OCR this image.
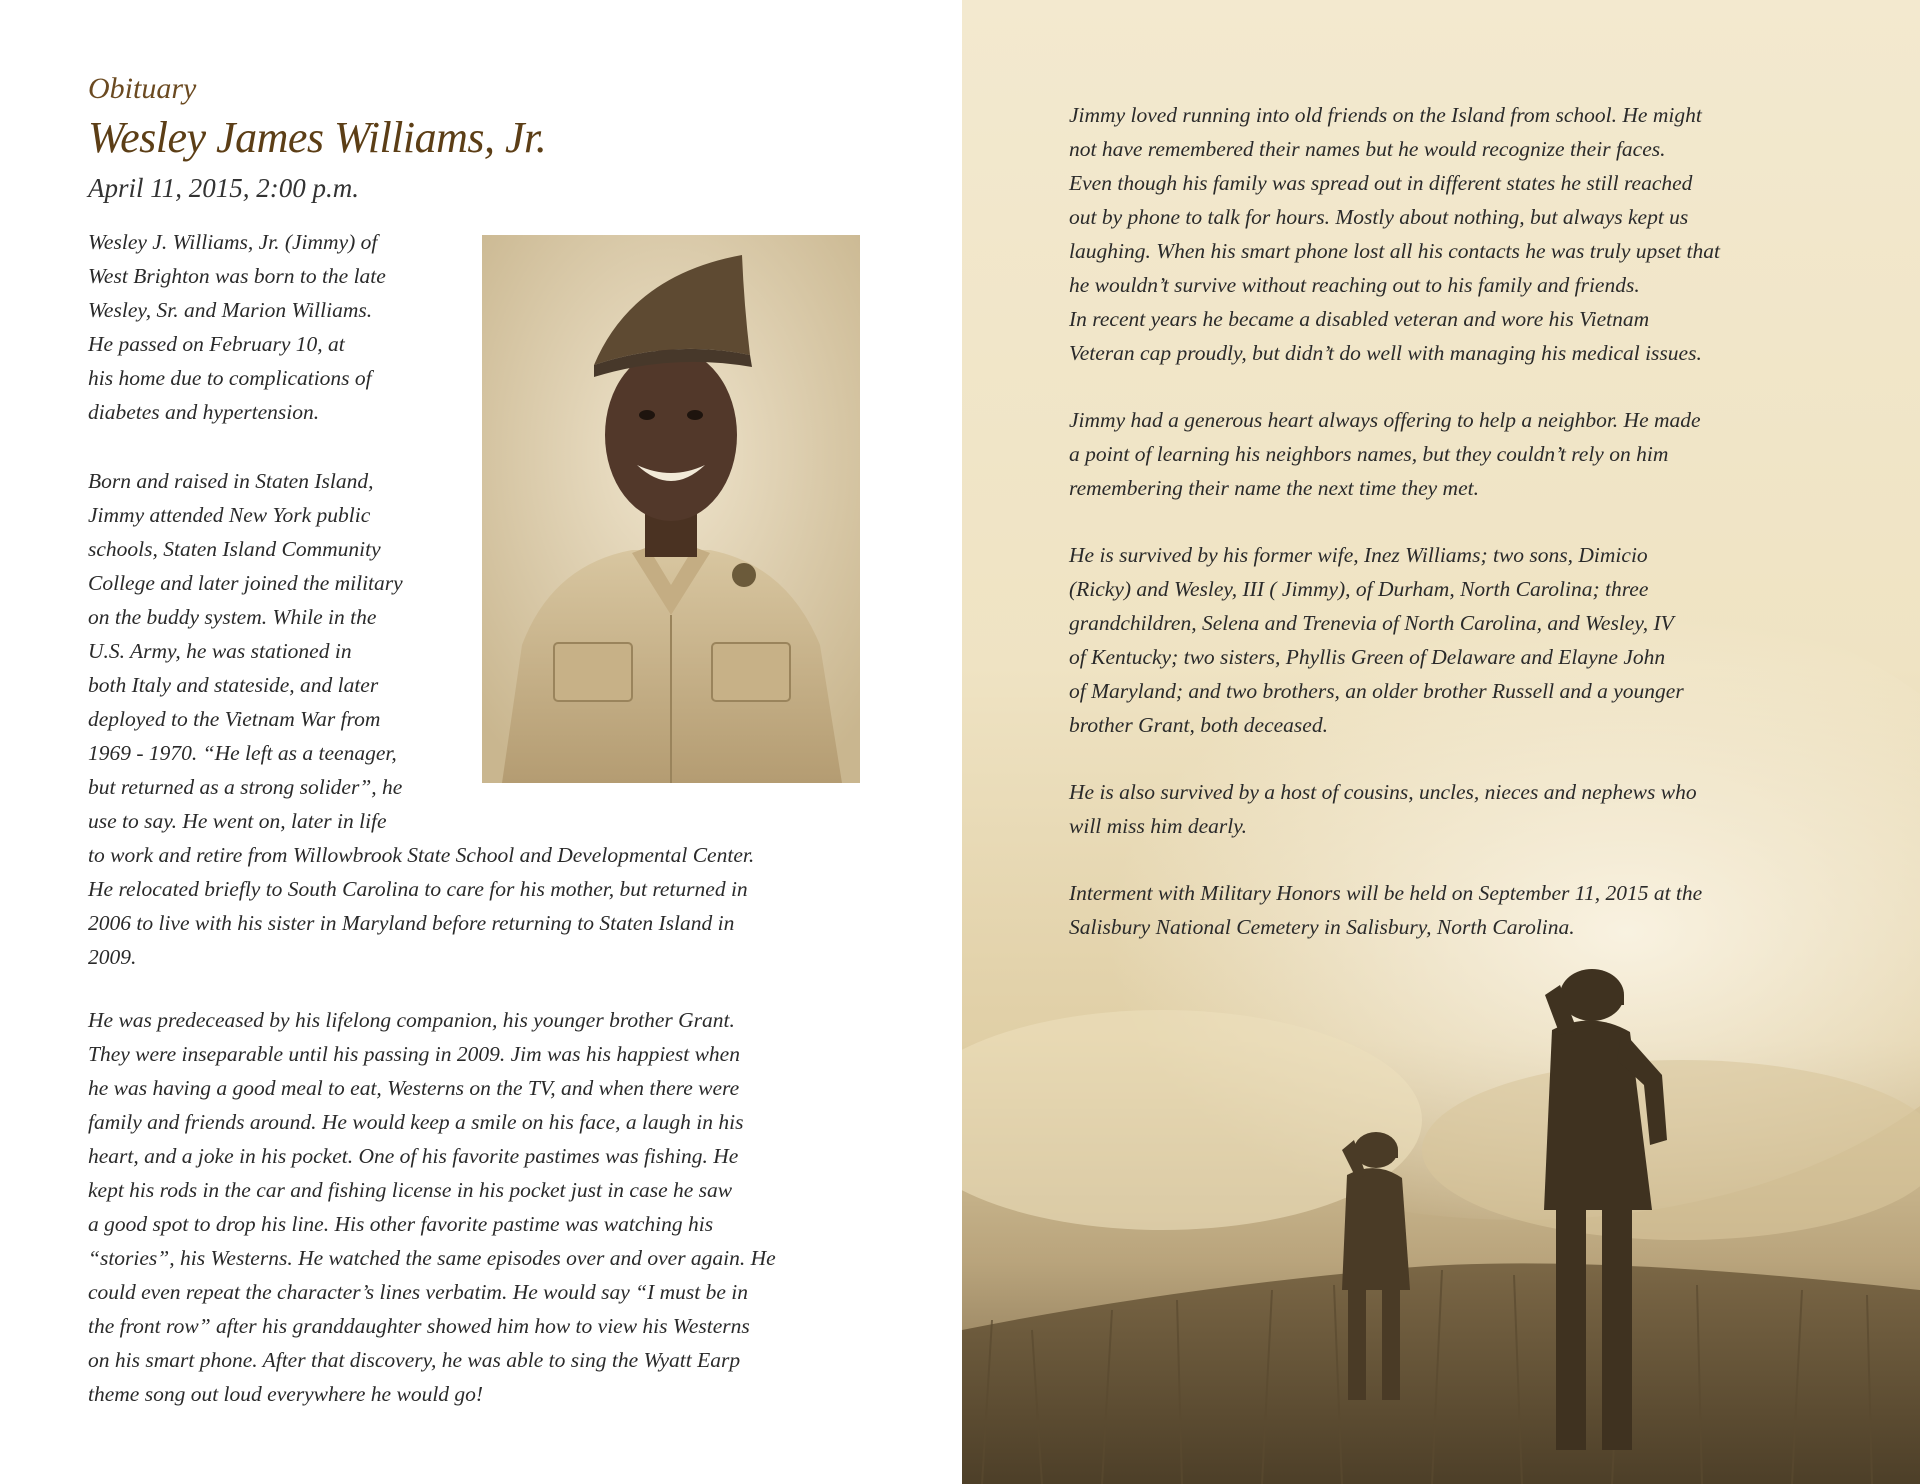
Obituary
Wesley James Williams, Jr.

April 11, 2015, 2:00 p.m.

Wesley J. Williams, Jr. (Jimmy) of
West Brighton was born to the late
Wesley, Sr. and Marion Williams.
He passed on February 10, at
his home due to complications of
diabetes and hypertension.

Born and raised in Staten Island,
Jimmy attended New York public
schools, Staten Island Community
College and later joined the military
on the buddy system. While in the
U.S. Army, he was stationed in
both Italy and stateside, and later
deployed to the Vietnam War from
1969 - 1970. “He left as a teenager,
but returned as a strong solider”, he
use to say. He went on, later in life

to work and retire from Willowbrook State School and Developmental Center.
He relocated briefly to South Carolina to care for his mother, but returned in
2006 to live with his sister in Maryland before returning to Staten Island in
2009.

He was predeceased by his lifelong companion, his younger brother Grant.
They were inseparable until his passing in 2009. Jim was his happiest when
he was having a good meal to eat, Westerns on the TV, and when there were
family and friends around. He would keep a smile on his face, a laugh in his
heart, and a joke in his pocket. One of his favorite pastimes was fishing. He
kept his rods in the car and fishing license in his pocket just in case he saw
a good spot to drop his line. His other favorite pastime was watching his
“stories”, his Westerns. He watched the same episodes over and over again. He
could even repeat the character’s lines verbatim. He would say “I must be in
the front row” after his granddaughter showed him how to view his Westerns
on his smart phone. After that discovery, he was able to sing the Wyatt Earp
theme song out loud everywhere he would go!

Jimmy loved running into old friends on the Island from school. He might
not have remembered their names but he would recognize their faces.
Even though his family was spread out in different states he still reached
out by phone to talk for hours. Mostly about nothing, but always kept us
laughing. When his smart phone lost all his contacts he was truly upset that
he wouldn’t survive without reaching out to his family and friends.
In recent years he became a disabled veteran and wore his Vietnam
Veteran cap proudly, but didn’t do well with managing his medical issues.

Jimmy had a generous heart always offering to help a neighbor. He made
a point of learning his neighbors names, but they couldn’t rely on him
remembering their name the next time they met.

He is survived by his former wife, Inez Williams; two sons, Dimicio
(Ricky) and Wesley, III ( Jimmy), of Durham, North Carolina; three
grandchildren, Selena and Trenevia of North Carolina, and Wesley, IV
of Kentucky; two sisters, Phyllis Green of Delaware and Elayne John
of Maryland; and two brothers, an older brother Russell and a younger
brother Grant, both deceased.

He is also survived by a host of cousins, uncles, nieces and nephews who
will miss him dearly.

Interment with Military Honors will be held on September 11, 2015 at the
Salisbury National Cemetery in Salisbury, North Carolina.
